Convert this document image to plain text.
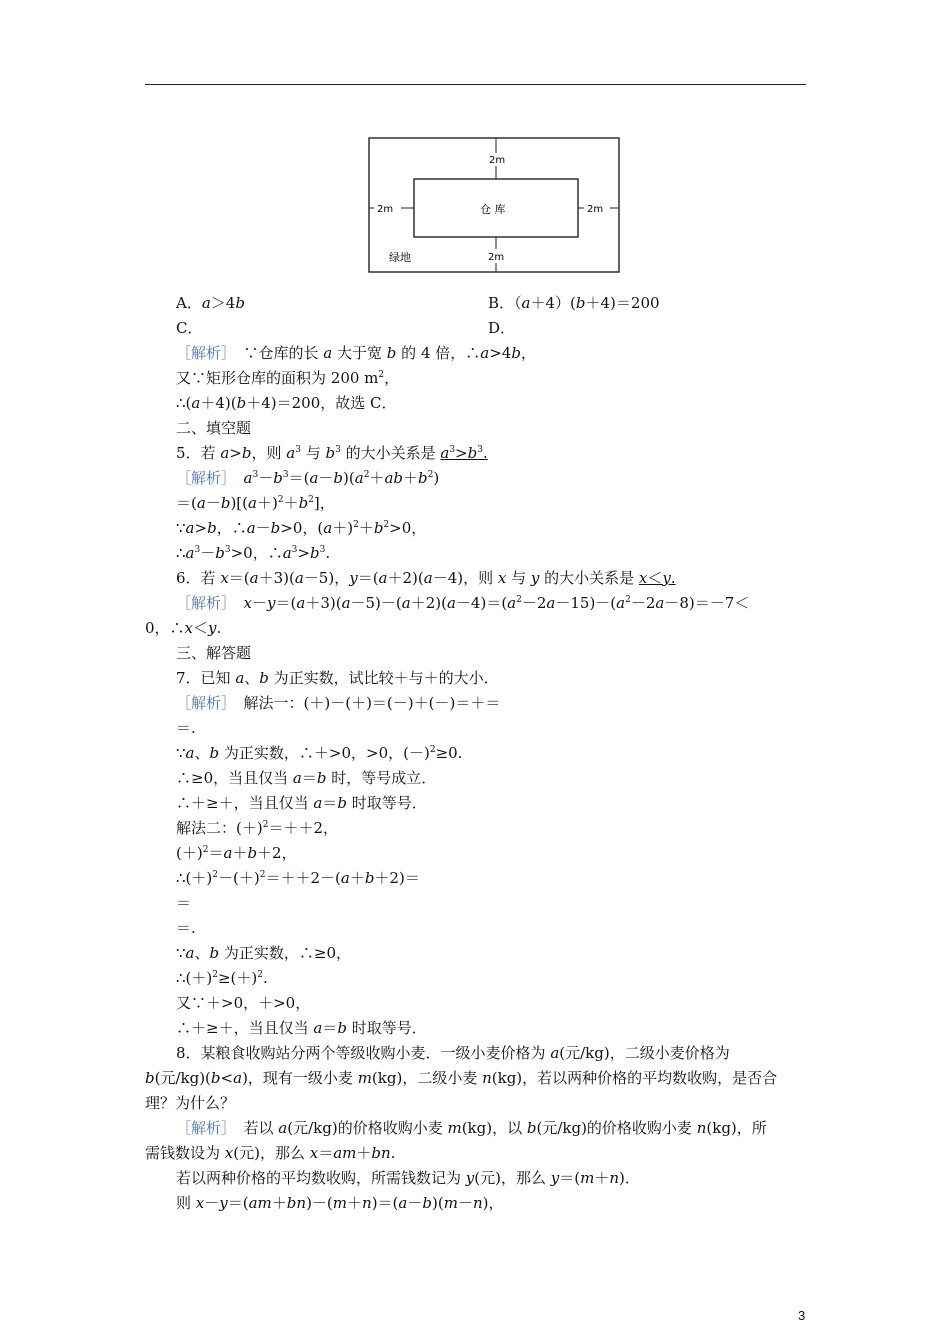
2m
2m	2m
2m
仓 库
绿地
A．a＞4b	B．（a＋4）(b＋4)＝200
C．	D．
［解析］　∵仓库的长 a 大于宽 b 的 4 倍，∴a>4b，
又∵矩形仓库的面积为 200 $m^2$，
∴(a＋4)(b＋4)＝200，故选 C．
二、填空题
5．若 a>b，则 $a^3$ 与 $b^3$ 的大小关系是 $a^3>b^3$.
［解析］　 $a^3-b^3=(a-b)(a^2+ab+b^2)$
$=(a-b)[(a+)^2+b^2]$，
∵a>b，∴a－b>0，$(a+)^2+b^2>0$，
$\therefore a^3-b^3>0$，$\therefore a^3>b^3$.
6．若 x＝(a＋3)(a－5)，y＝(a＋2)(a－4)，则 x 与 y 的大小关系是 x＜y.
［解析］　 $x-y=(a+3)(a-5)-(a+2)(a-4)=(a^2-2a-15)-(a^2-2a-8)=-7<$
0，∴x＜y.
三、解答题
7．已知 a、b 为正实数，试比较＋与＋的大小．
［解析］　解法一：(＋)－(＋)＝(－)＋(－)＝＋＝
＝.
∵a、b 为正实数，∴＋>0，>0，$(-)^2\ge 0$.
∴≥0，当且仅当 a＝b 时，等号成立．
∴＋≥＋，当且仅当 a＝b 时取等号．
解法二：$(+)^2=++2$，
$(+)^2=a+b+2$，
$\therefore(+)^2-(+)^2=++2-(a+b+2)=$
＝
＝.
∵a、b 为正实数，∴≥0，
$\therefore(+)^2\ge(+)^2$.
又∵＋>0，＋>0，
∴＋≥＋，当且仅当 a＝b 时取等号．
8．某粮食收购站分两个等级收购小麦．一级小麦价格为 a(元/kg)，二级小麦价格为
b(元/kg)(b<a)，现有一级小麦 m(kg)，二级小麦 n(kg)，若以两种价格的平均数收购，是否合
理？为什么？
［解析］　若以 a(元/kg)的价格收购小麦 m(kg)，以 b(元/kg)的价格收购小麦 n(kg)，所
需钱数设为 x(元)，那么 x＝am＋bn.
若以两种价格的平均数收购，所需钱数记为 y(元)，那么 y＝(m＋n)．
则 x－y＝(am＋bn)－(m＋n)＝(a－b)(m－n)，
3
